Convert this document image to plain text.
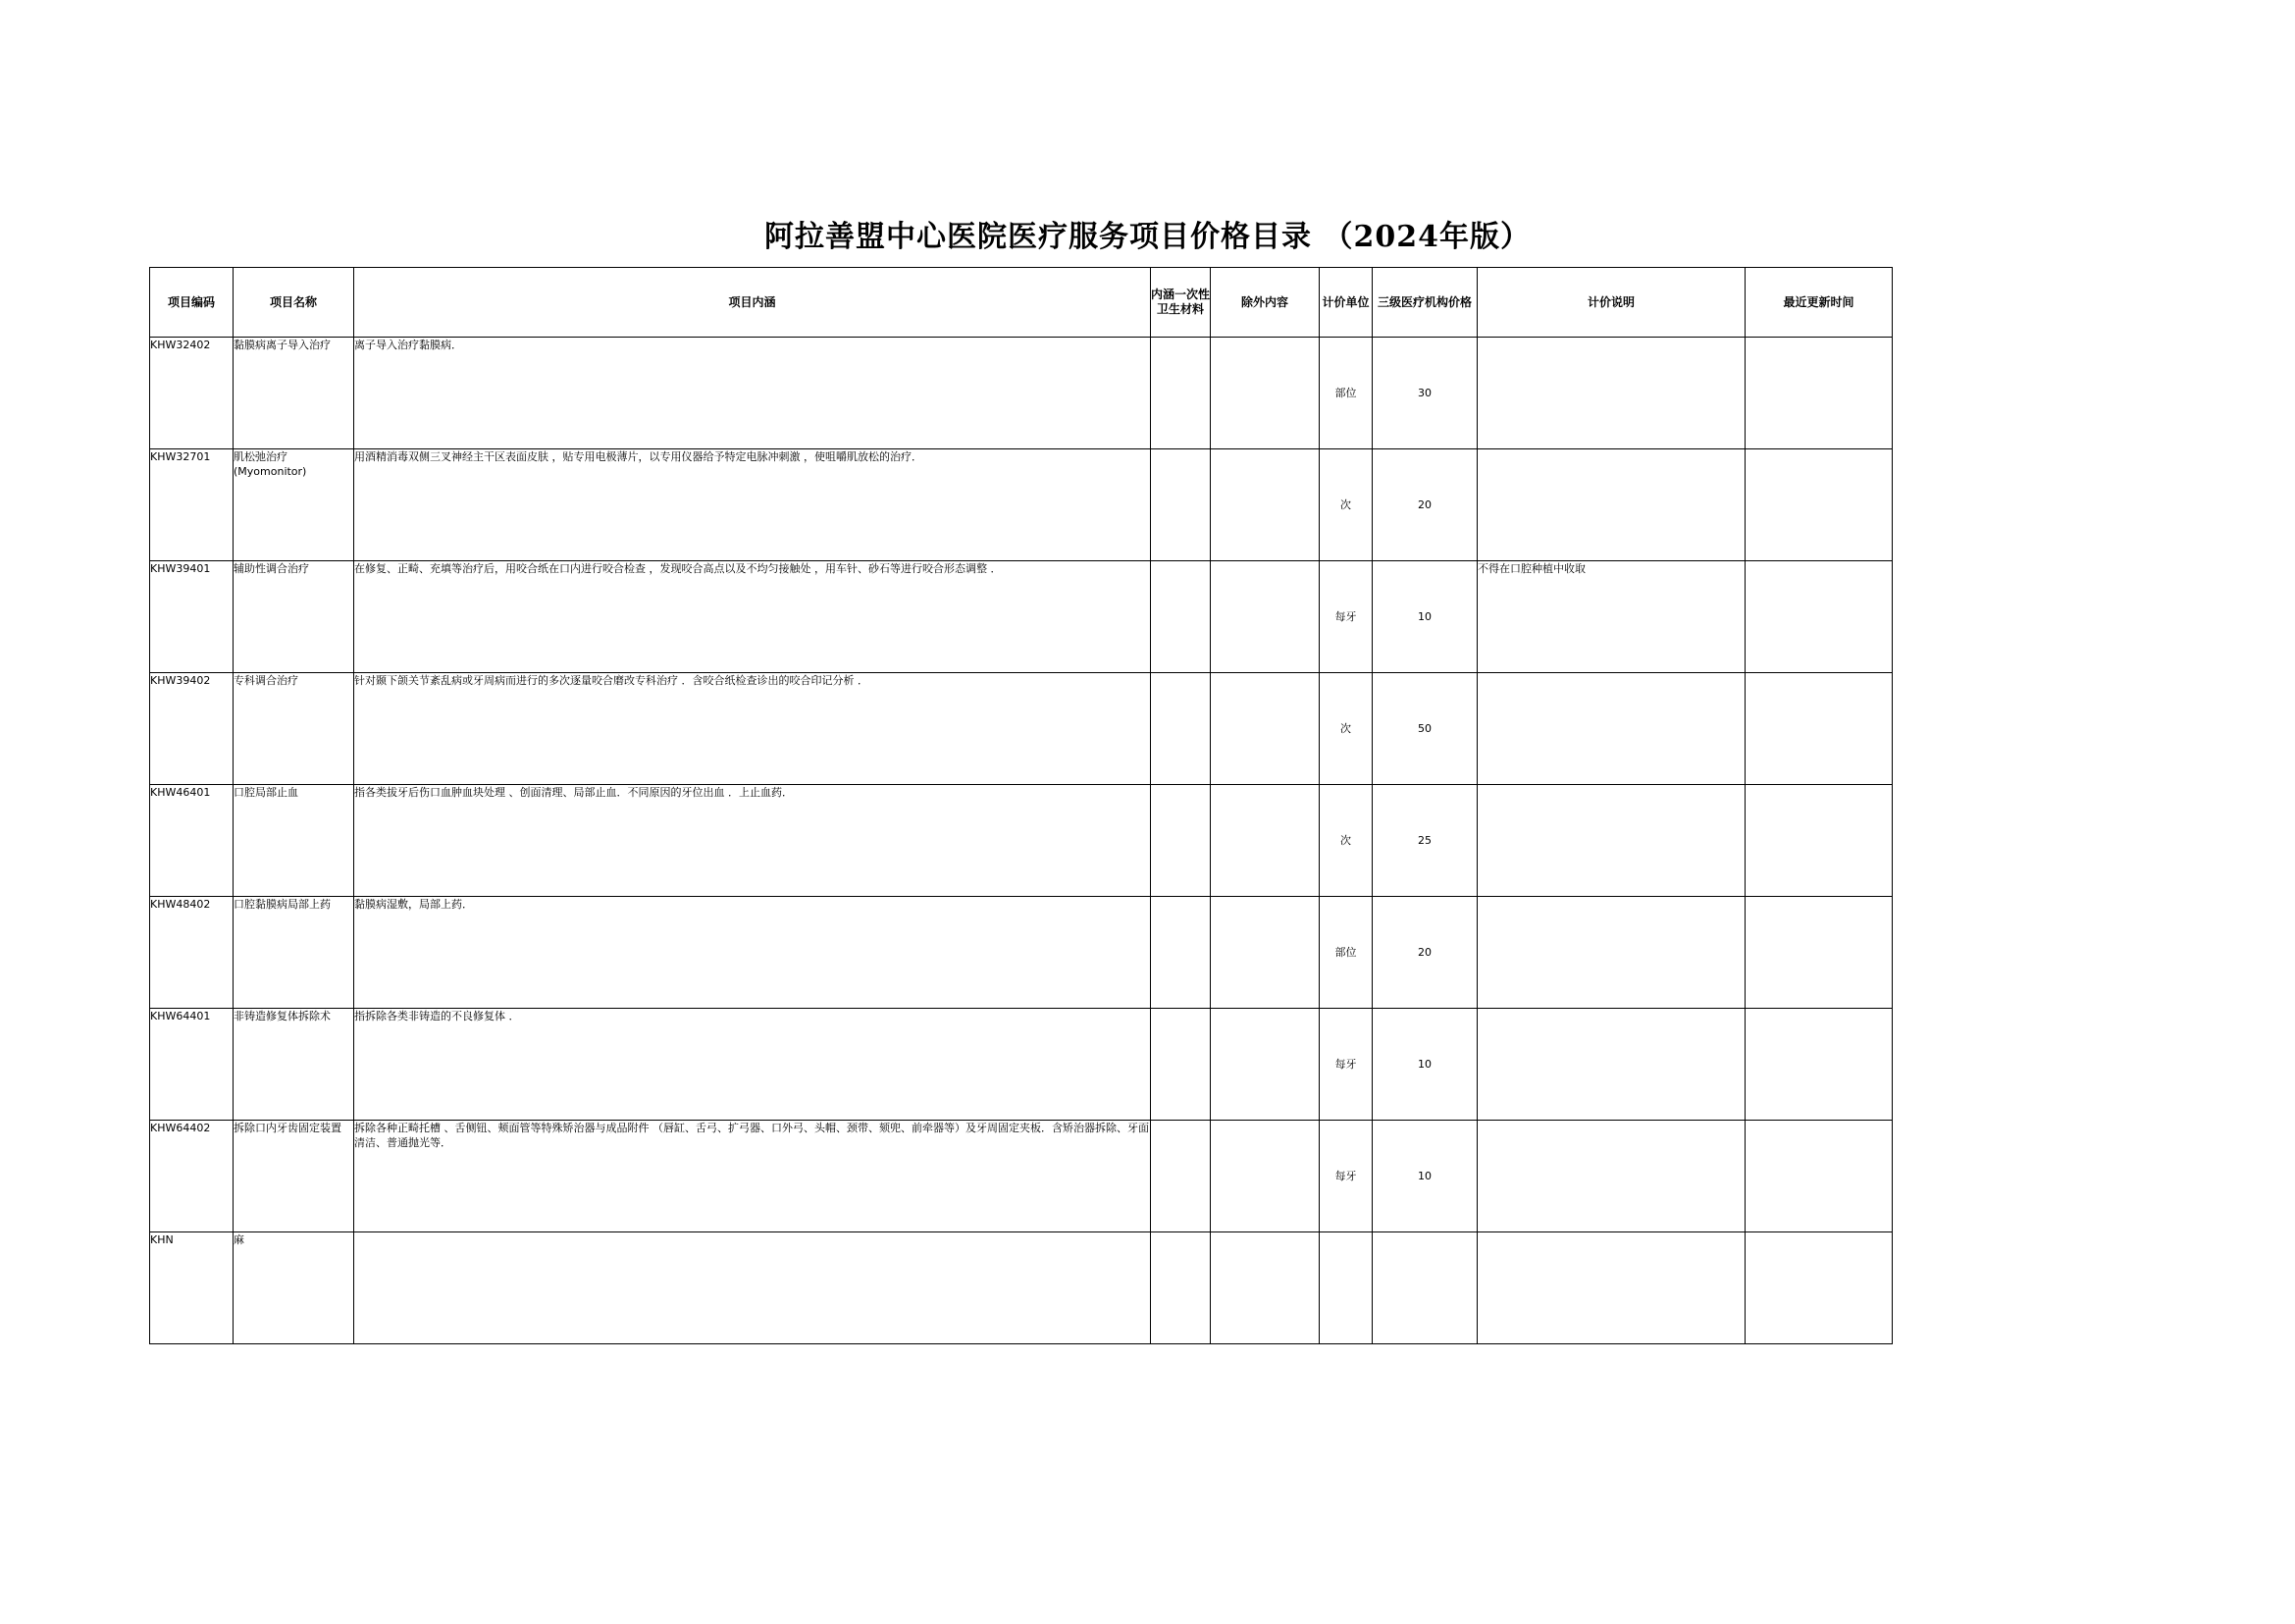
阿拉善盟中心医院医疗服务项目价格目录 （2024年版）
项目编码	项目名称	项目内涵	内涵一次性卫生材料	除外内容	计价单位	三级医疗机构价格	计价说明	最近更新时间
KHW32402	黏膜病离子导入治疗	离子导入治疗黏膜病．			部位	30		
KHW32701	肌松弛治疗(Myomonitor)	用酒精消毒双侧三叉神经主干区表面皮肤 ，贴专用电极薄片，以专用仪器给予特定电脉冲刺激 ，使咀嚼肌放松的治疗．			次	20		
KHW39401	辅助性调合治疗	在修复、正畸、充填等治疗后，用咬合纸在口内进行咬合检查 ，发现咬合高点以及不均匀接触处 ，用车针、砂石等进行咬合形态调整 ．			每牙	10	不得在口腔种植中收取	
KHW39402	专科调合治疗	针对颞下颌关节紊乱病或牙周病而进行的多次逐量咬合磨改专科治疗 ．含咬合纸检查诊出的咬合印记分析 ．			次	50		
KHW46401	口腔局部止血	指各类拔牙后伤口血肿血块处理 、创面清理、局部止血．不同原因的牙位出血 ．上止血药．			次	25		
KHW48402	口腔黏膜病局部上药	黏膜病湿敷，局部上药．			部位	20		
KHW64401	非铸造修复体拆除术	指拆除各类非铸造的不良修复体 ．			每牙	10		
KHW64402	拆除口内牙齿固定装置	拆除各种正畸托槽 、舌侧钮、颊面管等特殊矫治器与成品附件 （唇缸、舌弓、扩弓器、口外弓、头帽、颈带、颏兜、前牵器等）及牙周固定夹板．含矫治器拆除、牙面清洁、普通抛光等．			每牙	10		
KHN	麻							
